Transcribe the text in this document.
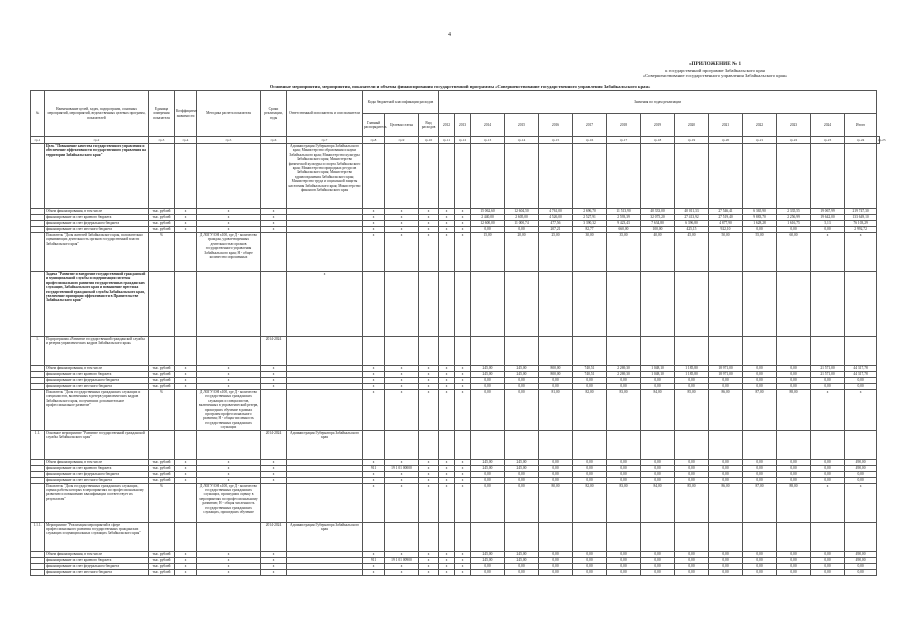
4
«ПРИЛОЖЕНИЕ № 1
к государственной программе Забайкальского края
«Совершенствование государственного управления Забайкальского края»
Основные мероприятия, мероприятия, показатели и объемы финансирования государственной программы «Совершенствование государственного управления Забайкальского края»
№	Наименование целей, задач, подпрограмм, основных мероприятий, мероприятий, ведомственных целевых программ, показателей	Единица измерения показателя	Коэффициент значимости	Методика расчета показателя	Сроки реализации, годы	Ответственный исполнитель и соисполнители	Коды бюджетной классификации расходов			Значения по годам реализации														
							Главный распорядитель	Целевая статья	Вид расходов	2012	2013	2014	2015	2016	2017	2018	2019	2020	2021	2022	2023	2024	Итого	
гр.1	гр.2	гр.3	гр.4	гр.5	гр.6	гр.7	гр.8	гр.9	гр.10	гр.11	гр.12	гр.13	гр.14	гр.15	гр.16	гр.17	гр.18	гр.19	гр.20	гр.21	гр.22	гр.23	гр.24	гр.25
	Цель "Повышение качества государственного управления и обеспечение эффективности государственного управления на территории Забайкальского края"					Администрация Губернатора Забайкальского края; Министерство образования и науки Забайкальского края; Министерство культуры Забайкальского края; Министерство физической культуры и спорта Забайкальского края; Министерство природных ресурсов Забайкальского края; Министерство здравоохранения Забайкальского края; Министерство труда и социальной защиты населения Забайкальского края; Министерство финансов Забайкальского края																		
	Объем финансирования, в том числе	тыс. рублей	x	x	x		x	x	x	x	x	15 062,60	12 604,50	4 761,00	2 696,70	11 513,90	40 333,00	40 011,33	27 546,41	6 365,90	2 335,55	19 067,99	219 747,30	
	финансирование за счет краевого бюджета	тыс. рублей	x	x	x		x	x	x	x	x	2 440,00	2 605,00	4 526,00	2 527,91	2 593,39	32 075,20	27 413,92	27 519,40	9 883,70	2 256,99	19 642,00	133 649,10	
	финансирование за счет федерального бюджета	тыс. рублей	x	x	x		x	x	x	x	x	12 600,00	11 000,74	477,56	3 390,32	9 423,43	7 634,80	6 396,80	4 877,90	1 628,28	1 616,75	5,13	76 103,29	
	финансирование за счет местного бюджета	тыс. рублей	x	x	x		x	x	x	x	x	0,00	0,00	207,21	82,77	660,00	100,00	425,15	922,10	0,00	0,00	0,00	2 992,72	
	Показатель "Доля жителей Забайкальского края, положительно оценивающих деятельность органов государственной власти Забайкальского края"	%		Д ЛОГУ/ОН х100, где Д - количество граждан, удовлетворенных деятельностью органов государственного управления Забайкальского края; Н - общее количество опрошенных			x	x	x	x	x	15,00	20,00	25,00	30,00	35,00	40,00	45,00	50,00	55,00	60,00	x	x	
	Задача "Развитие и внедрение государственной гражданской и муниципальной службы и модернизация системы профессионального развития государственных гражданских служащих, Забайкальского края и повышение престижа государственной гражданской службы Забайкальского края, увеличение пропорции эффективности в Правительстве Забайкальского края"					x																		
1.	Подпрограмма «Развитие государственной гражданской службы и резерва управленческих кадров Забайкальского края»				2014-2024																			
	Объем финансирования, в том числе	тыс. рублей	x	x	x		x	x	x	x	x	245,00	245,00	800,00	740,51	2 269,30	1 048,10	1 185,80	18 971,00	0,00	0,00	21 571,00	44 317,78	
	финансирование за счет краевого бюджета	тыс. рублей	x	x	x		x	x	x	x	x	245,00	245,00	800,00	740,51	2 269,30	1 048,10	1 185,80	18 971,00	0,00	0,00	21 571,00	44 317,78	
	финансирование за счет федерального бюджета	тыс. рублей	x	x	x		x	x	x	x	x	0,00	0,00	0,00	0,00	0,00	0,00	0,00	0,00	0,00	0,00	0,00	0,00	
	финансирование за счет местного бюджета	тыс. рублей	x	x	x		x	x	x	x	x	0,00	0,00	0,00	0,00	0,00	0,00	0,00	0,00	0,00	0,00	0,00	0,00	
	Показатель "Доля государственных гражданских служащих и специалистов, включенных в резерв управленческих кадров Забайкальского края, получивших дополнительное профессиональное развитие"	%		Д ЛОГУ/ОН х100, где Д - количество государственных гражданских служащих и специалистов, включенных в управленческий резерв, прошедших обучение в рамках программ профессионального развития; Н - общая численность государственных гражданских служащих			x	x	x	x	x	0,00	0,00	81,00	82,00	83,00	84,00	85,00	86,00	87,00	88,00	x	x	
1.1.	Основное мероприятие "Развитие государственной гражданской службы Забайкальского края"				2014-2024	Администрация Губернатора Забайкальского края																		
	Объем финансирования, в том числе	тыс. рублей	x	x	x		x	x	x	x	x	245,00	245,00	0,00	0,00	0,00	0,00	0,00	0,00	0,00	0,00	0,00	490,00	
	финансирование за счет краевого бюджета	тыс. рублей	x	x	x		911	19 1 01 00000	x	x	x	245,00	245,00	0,00	0,00	0,00	0,00	0,00	0,00	0,00	0,00	0,00	490,00	
	финансирование за счет федерального бюджета	тыс. рублей	x	x	x		x	x	x	x	x	0,00	0,00	0,00	0,00	0,00	0,00	0,00	0,00	0,00	0,00	0,00	0,00	
	финансирование за счет местного бюджета	тыс. рублей	x	x	x		x	x	x	x	x	0,00	0,00	0,00	0,00	0,00	0,00	0,00	0,00	0,00	0,00	0,00	0,00	
	Показатель "Доля государственных гражданских служащих, оценка работы которых в мероприятиях по профессиональному развитию и повышению квалификации соответствует их результатам"	%		Д ЛОГУ/ОН х100, где Д - количество государственных гражданских служащих, прошедших оценку в мероприятиях по профессиональному развитию; Н - общая численность государственных гражданских служащих, прошедших обучение			x	x	x	x	x	0,00	0,00	80,00	82,00	83,00	84,00	85,00	86,00	87,00	88,00	x	x	
1.1.1.	Мероприятие "Реализация мероприятий в сфере профессионального развития государственных гражданских служащих и муниципальных служащих Забайкальского края"				2014-2024	Администрация Губернатора Забайкальского края																		
	Объем финансирования, в том числе	тыс. рублей	x	x	x		x	x	x	x	x	245,00	245,00	0,00	0,00	0,00	0,00	0,00	0,00	0,00	0,00	0,00	490,00	
	финансирование за счет краевого бюджета	тыс. рублей	x	x	x		911	19 1 01 00900	x	x	x	245,00	245,00	0,00	0,00	0,00	0,00	0,00	0,00	0,00	0,00	0,00	490,00	
	финансирование за счет федерального бюджета	тыс. рублей	x	x	x		x	x	x	x	x	0,00	0,00	0,00	0,00	0,00	0,00	0,00	0,00	0,00	0,00	0,00	0,00	
	финансирование за счет местного бюджета	тыс. рублей	x	x	x		x	x	x	x	x	0,00	0,00	0,00	0,00	0,00	0,00	0,00	0,00	0,00	0,00	0,00	0,00	
